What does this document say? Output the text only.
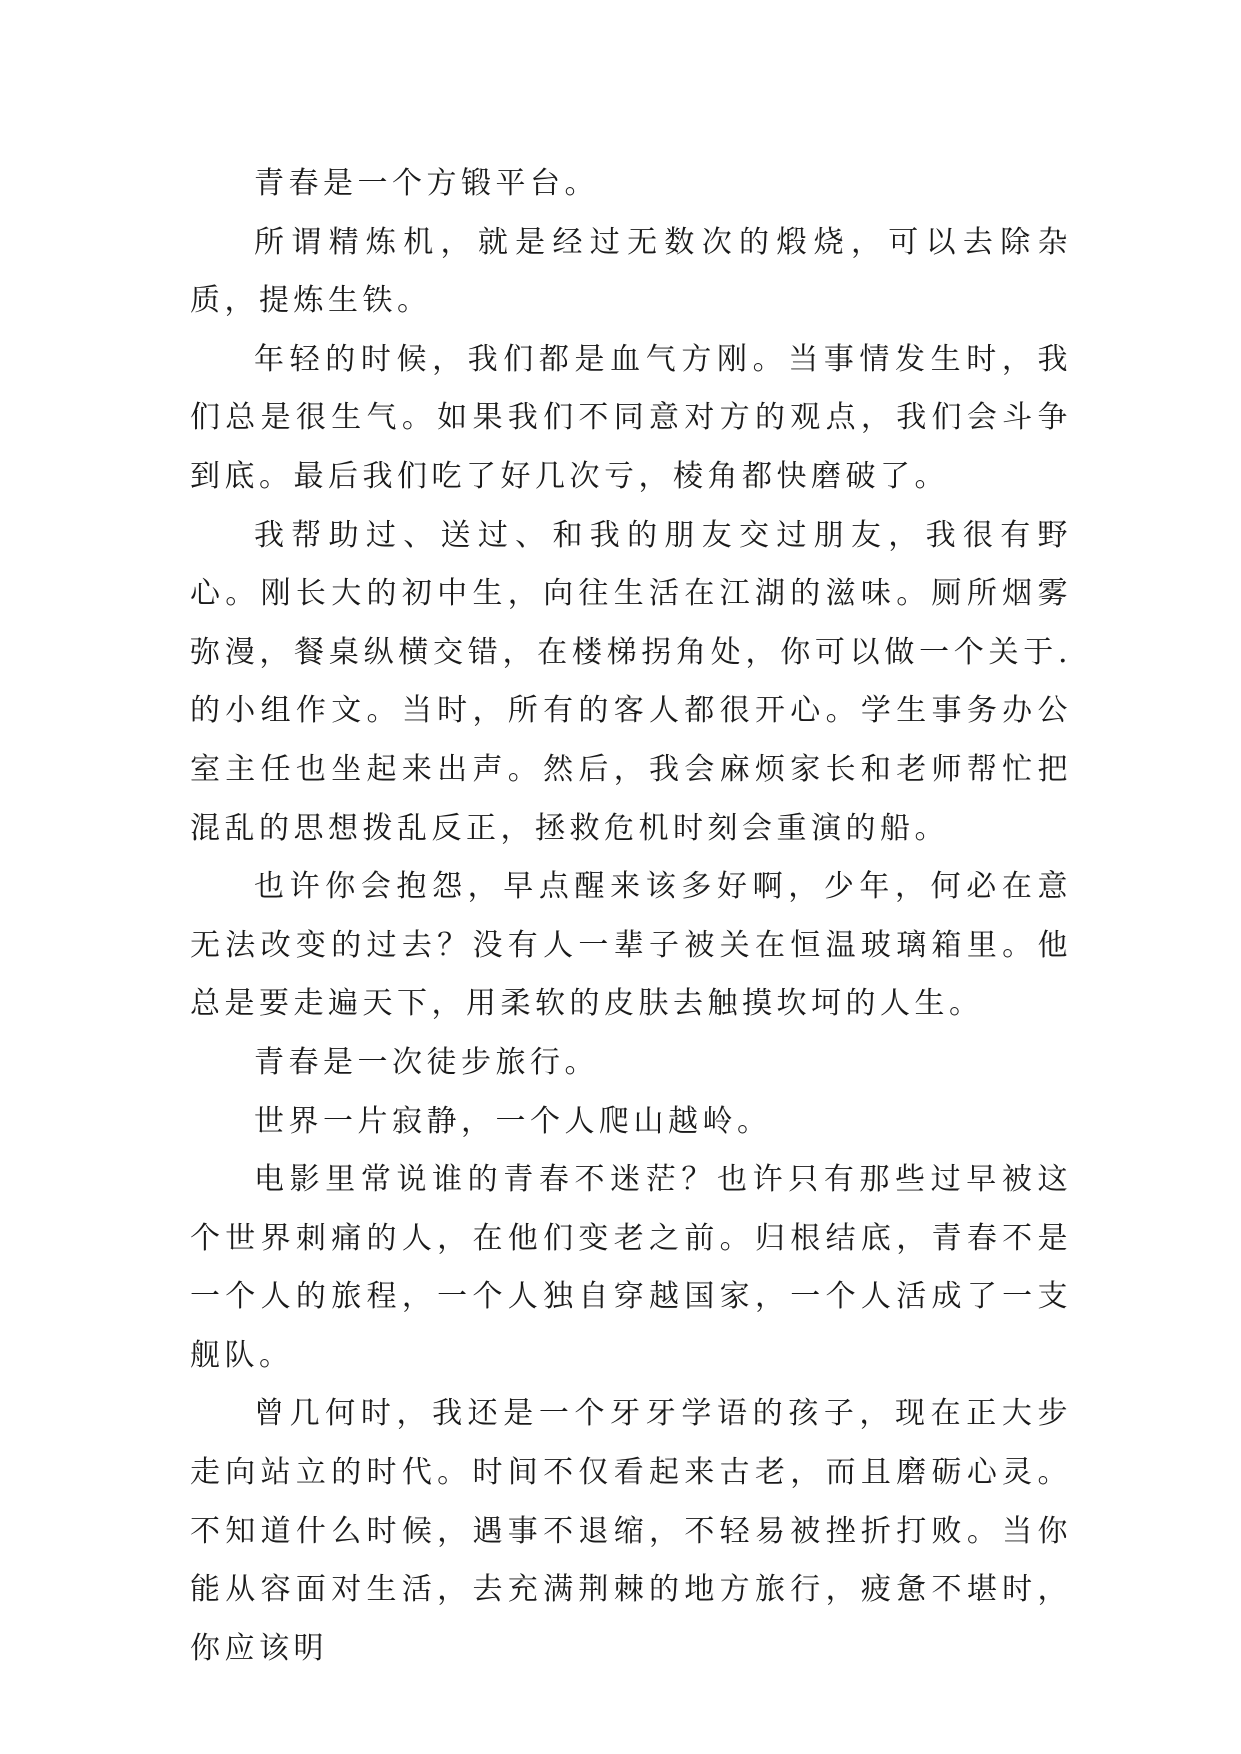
青春是一个方锻平台。

所谓精炼机，就是经过无数次的煅烧，可以去除杂质，提炼生铁。

年轻的时候，我们都是血气方刚。当事情发生时，我们总是很生气。如果我们不同意对方的观点，我们会斗争到底。最后我们吃了好几次亏，棱角都快磨破了。

我帮助过、送过、和我的朋友交过朋友，我很有野心。刚长大的初中生，向往生活在江湖的滋味。厕所烟雾弥漫，餐桌纵横交错，在楼梯拐角处，你可以做一个关于.的小组作文。当时，所有的客人都很开心。学生事务办公室主任也坐起来出声。然后，我会麻烦家长和老师帮忙把混乱的思想拨乱反正，拯救危机时刻会重演的船。

也许你会抱怨，早点醒来该多好啊，少年，何必在意无法改变的过去？没有人一辈子被关在恒温玻璃箱里。他总是要走遍天下，用柔软的皮肤去触摸坎坷的人生。

青春是一次徒步旅行。

世界一片寂静，一个人爬山越岭。

电影里常说谁的青春不迷茫？也许只有那些过早被这个世界刺痛的人，在他们变老之前。归根结底，青春不是一个人的旅程，一个人独自穿越国家，一个人活成了一支舰队。

曾几何时，我还是一个牙牙学语的孩子，现在正大步走向站立的时代。时间不仅看起来古老，而且磨砺心灵。不知道什么时候，遇事不退缩，不轻易被挫折打败。当你能从容面对生活，去充满荆棘的地方旅行，疲惫不堪时，你应该明
